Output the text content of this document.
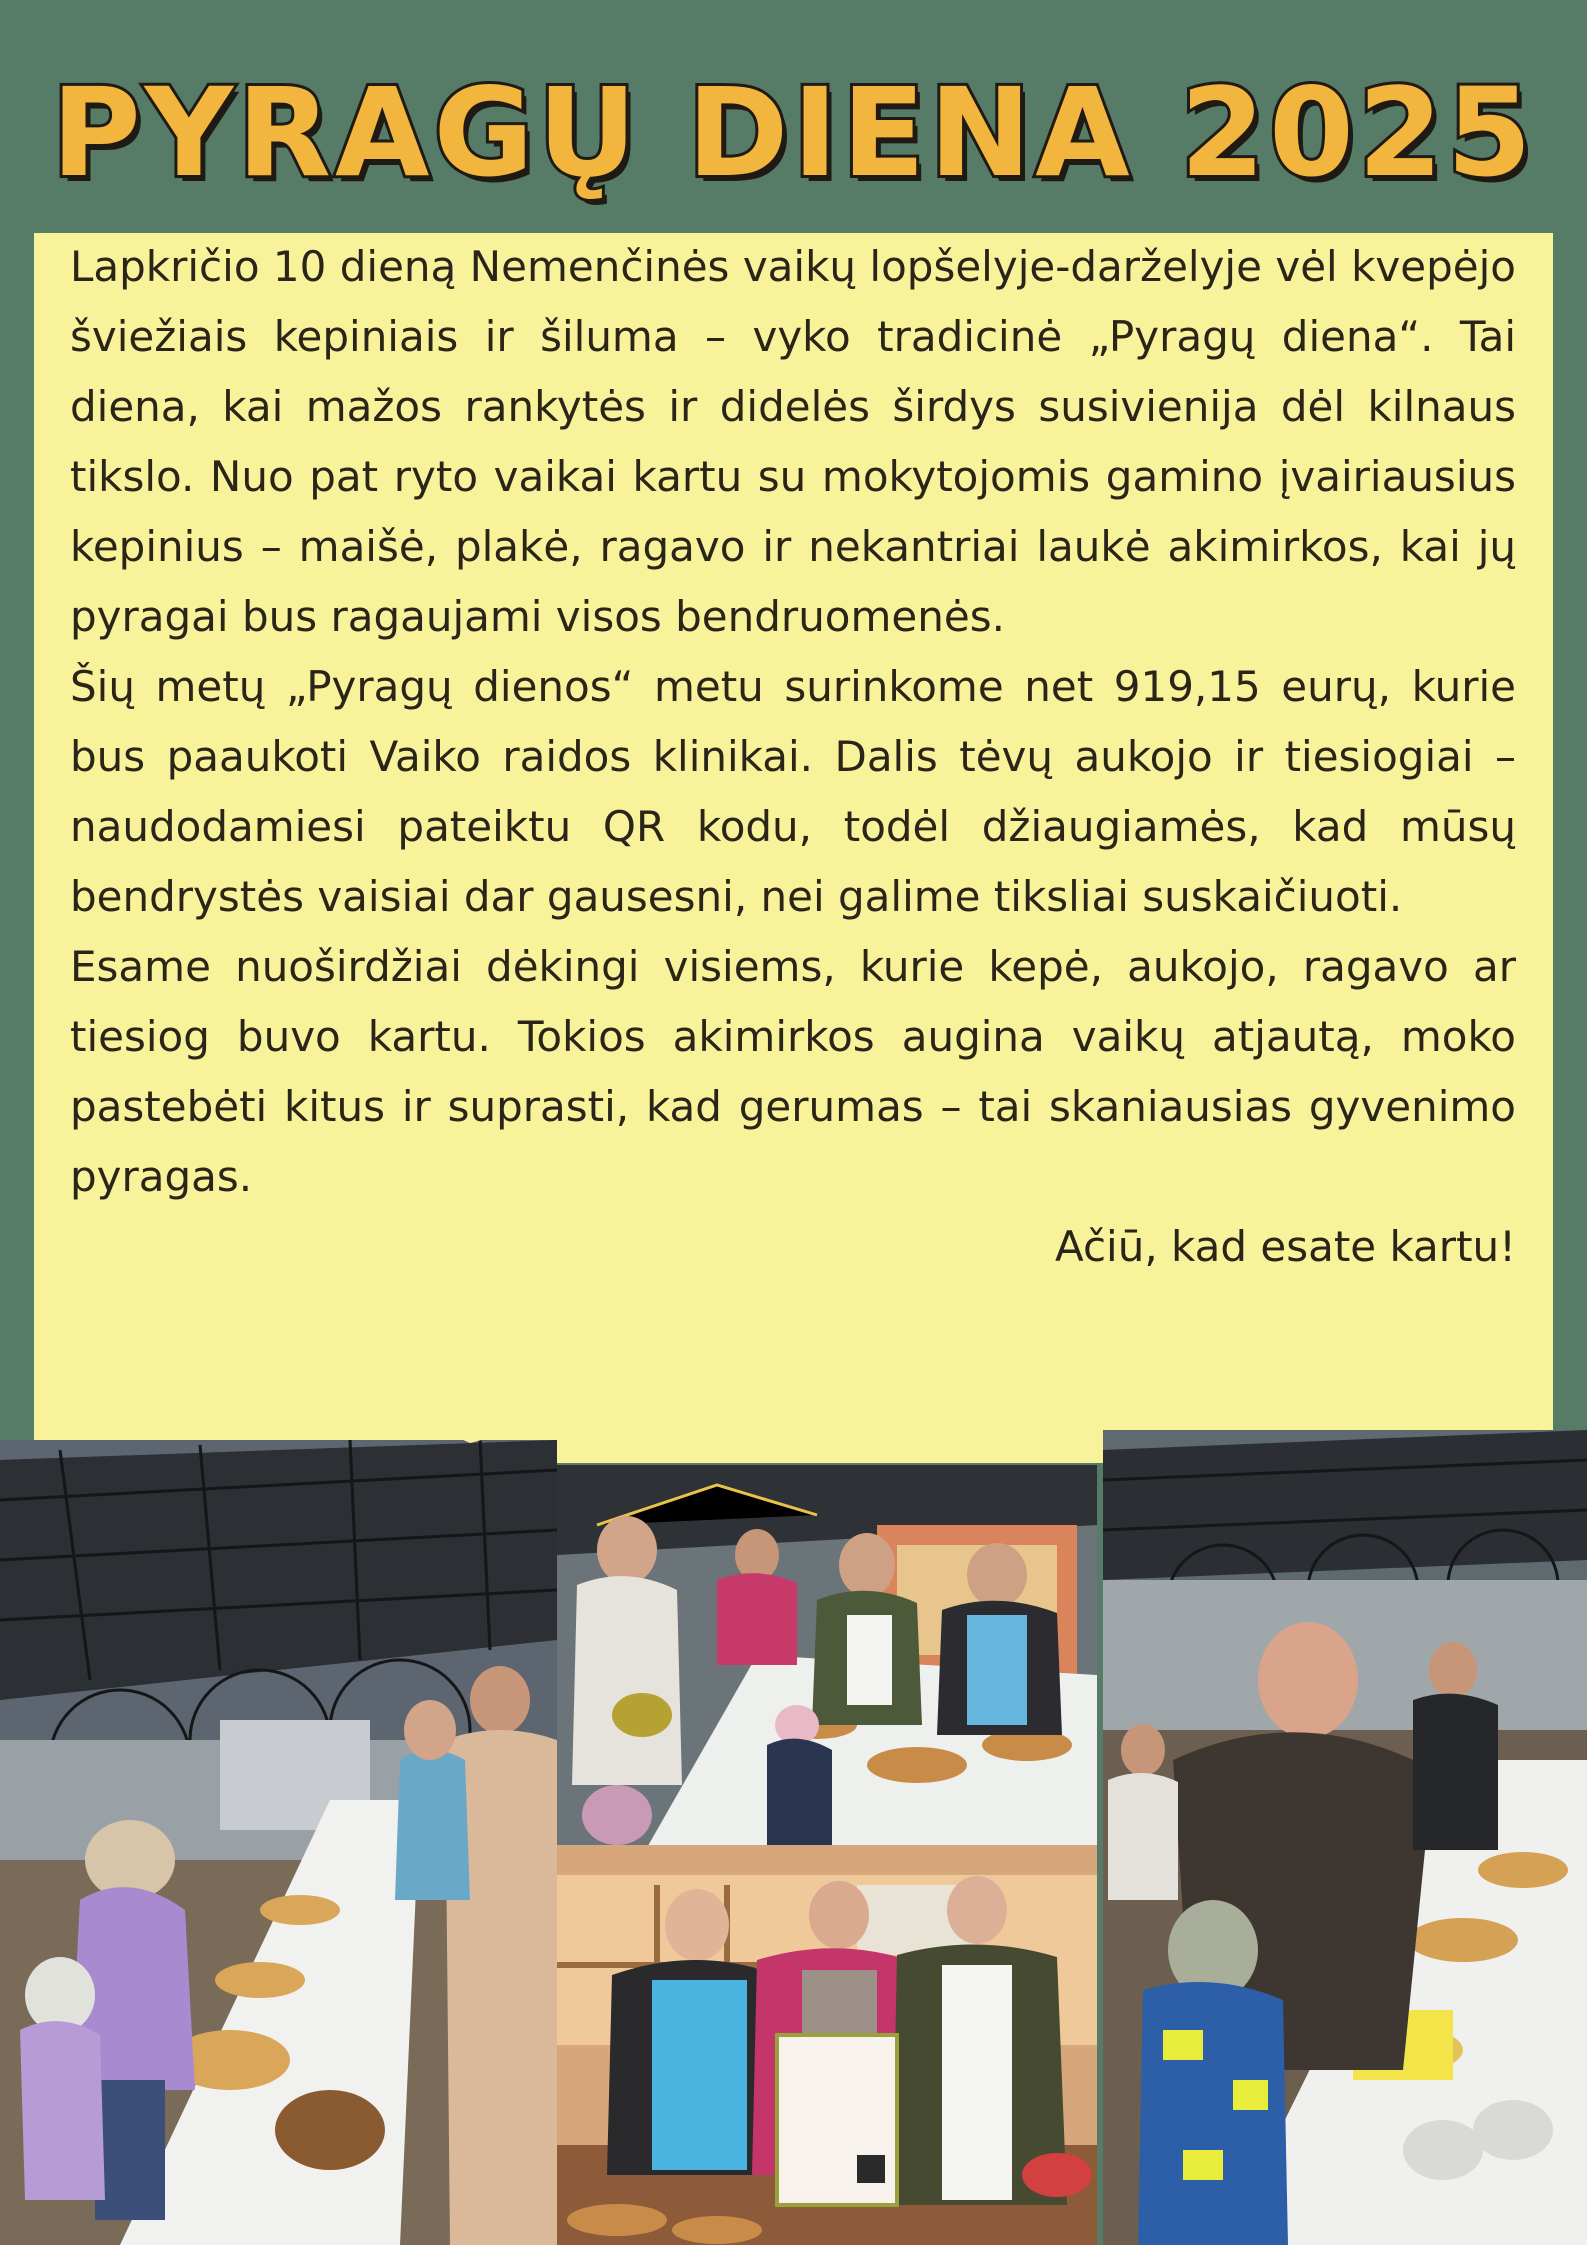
PYRAGŲ DIENA 2025

Lapkričio 10 dieną Nemenčinės vaikų lopšelyje-darželyje vėl kvepėjo šviežiais kepiniais ir šiluma – vyko tradicinė „Pyragų diena“. Tai diena, kai mažos rankytės ir didelės širdys susivienija dėl kilnaus tikslo. Nuo pat ryto vaikai kartu su mokytojomis gamino įvairiausius kepinius – maišė, plakė, ragavo ir nekantriai laukė akimirkos, kai jų pyragai bus ragaujami visos bendruomenės.

Šių metų „Pyragų dienos“ metu surinkome net 919,15 eurų, kurie bus paaukoti Vaiko raidos klinikai. Dalis tėvų aukojo ir tiesiogiai – naudodamiesi pateiktu QR kodu, todėl džiaugiamės, kad mūsų bendrystės vaisiai dar gausesni, nei galime tiksliai suskaičiuoti.

Esame nuoširdžiai dėkingi visiems, kurie kepė, aukojo, ragavo ar tiesiog buvo kartu. Tokios akimirkos augina vaikų atjautą, moko pastebėti kitus ir suprasti, kad gerumas – tai skaniausias gyvenimo pyragas.

Ačiū, kad esate kartu!
